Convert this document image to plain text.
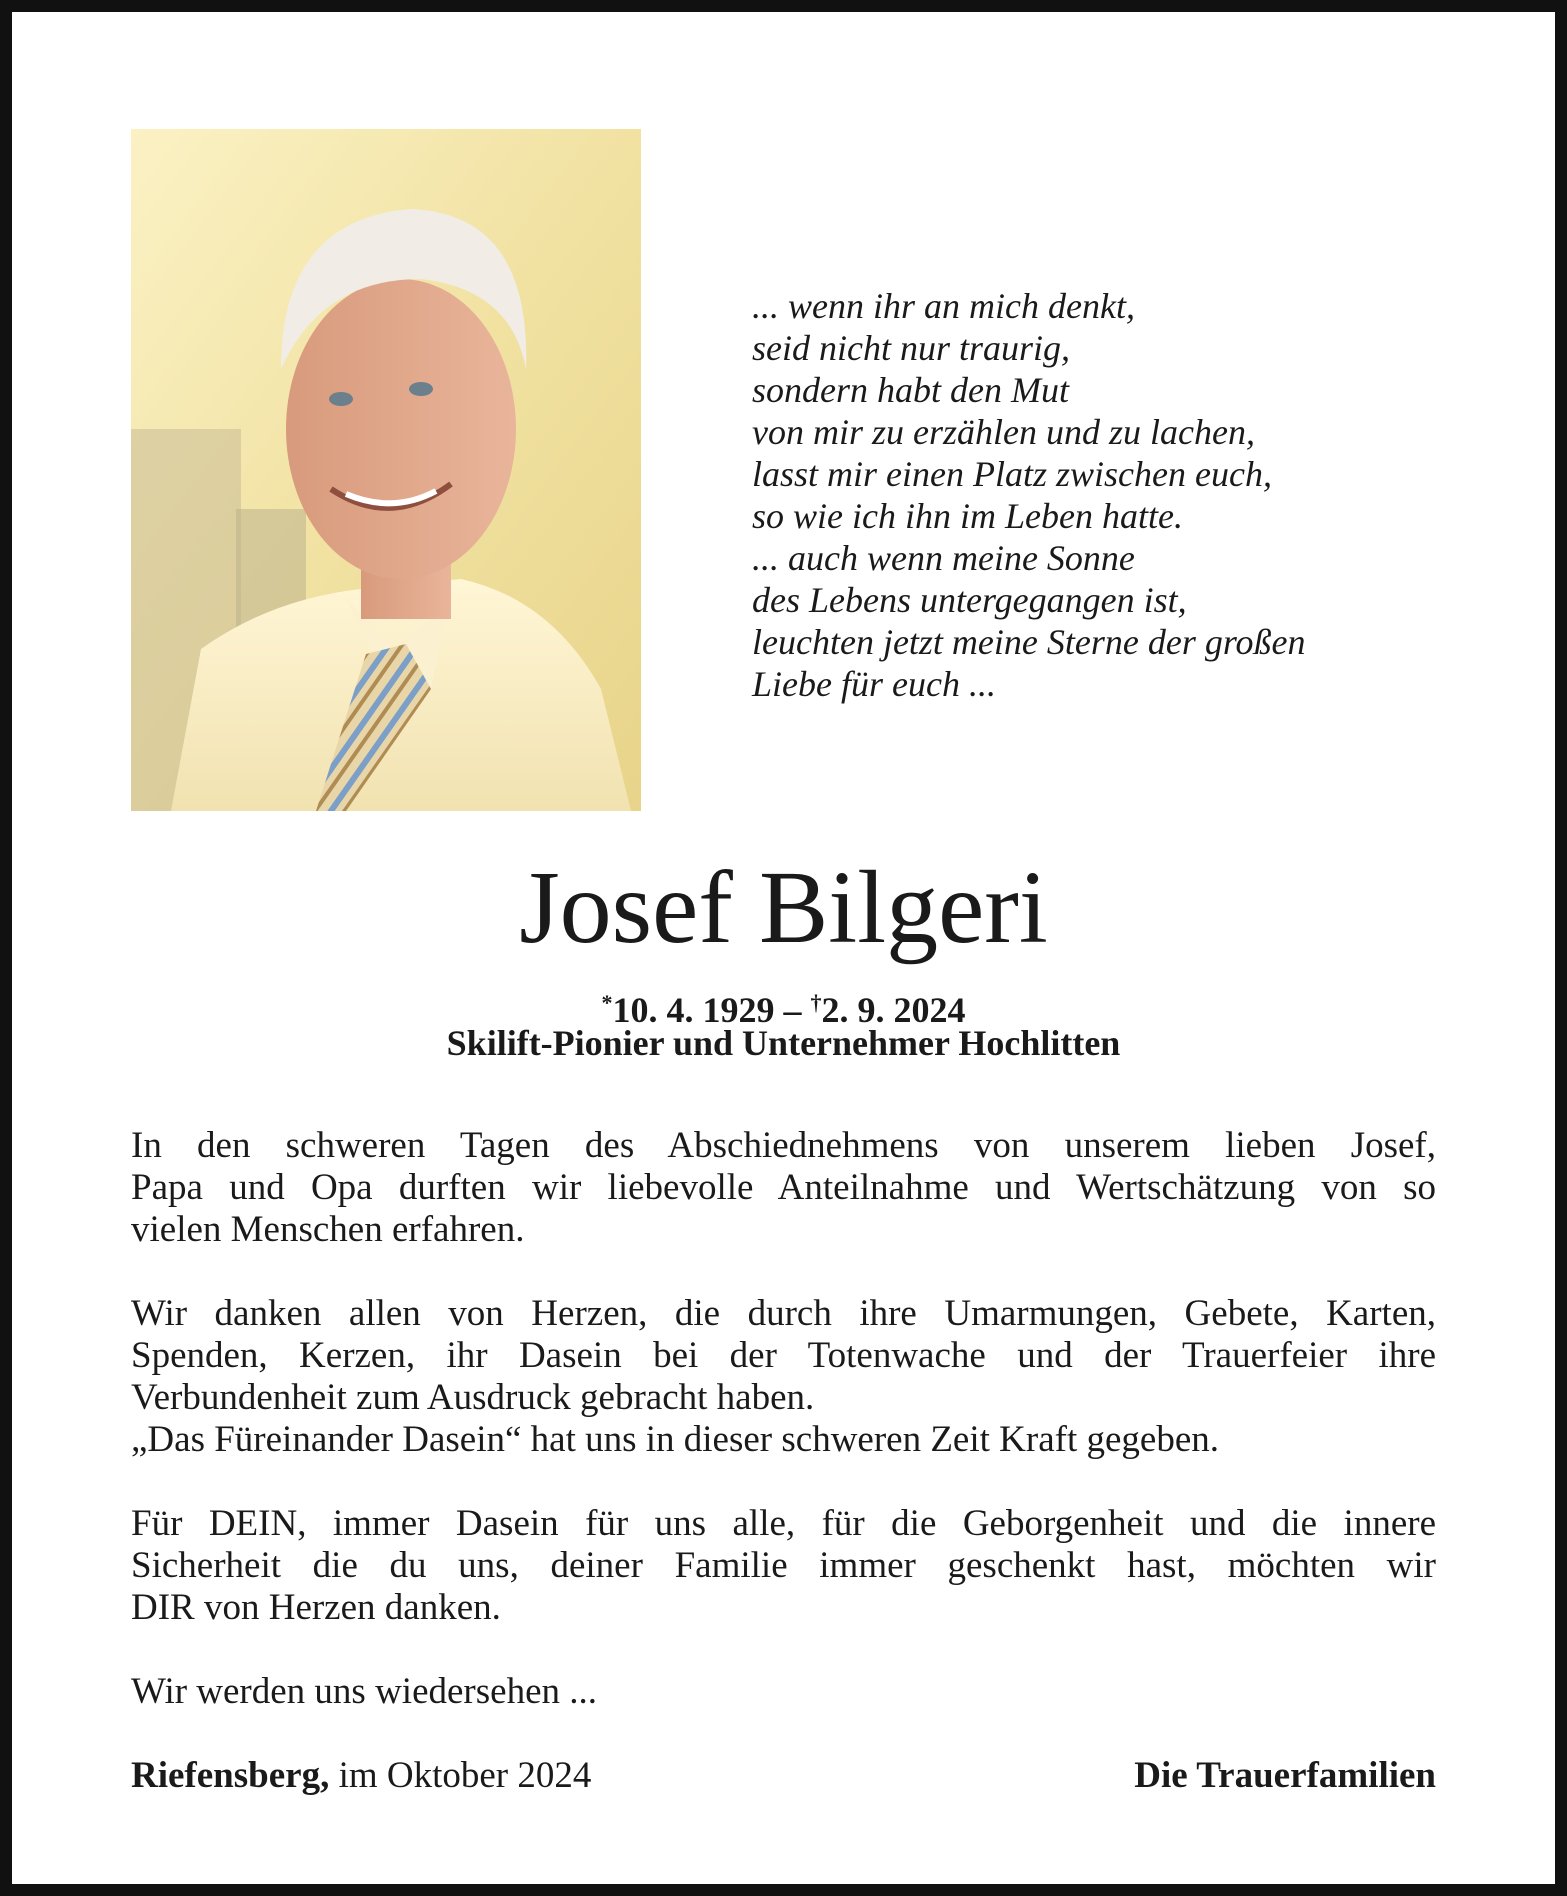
... wenn ihr an mich denkt,
seid nicht nur traurig,
sondern habt den Mut
von mir zu erzählen und zu lachen,
lasst mir einen Platz zwischen euch,
so wie ich ihn im Leben hatte.
... auch wenn meine Sonne
des Lebens untergegangen ist,
leuchten jetzt meine Sterne der großen
Liebe für euch ...
Josef Bilgeri
*10. 4. 1929 – †2. 9. 2024
Skilift-Pionier und Unternehmer Hochlitten

In den schweren Tagen des Abschiednehmens von unserem lieben Josef,
Papa und Opa durften wir liebevolle Anteilnahme und Wertschätzung von so
vielen Menschen erfahren.

Wir danken allen von Herzen, die durch ihre Umarmungen, Gebete, Karten,
Spenden, Kerzen, ihr Dasein bei der Totenwache und der Trauerfeier ihre
Verbundenheit zum Ausdruck gebracht haben.
„Das Füreinander Dasein“ hat uns in dieser schweren Zeit Kraft gegeben.

Für DEIN, immer Dasein für uns alle, für die Geborgenheit und die innere
Sicherheit die du uns, deiner Familie immer geschenkt hast, möchten wir
DIR von Herzen danken.

Wir werden uns wiedersehen ...

Riefensberg, im Oktober 2024	Die Trauerfamilien
